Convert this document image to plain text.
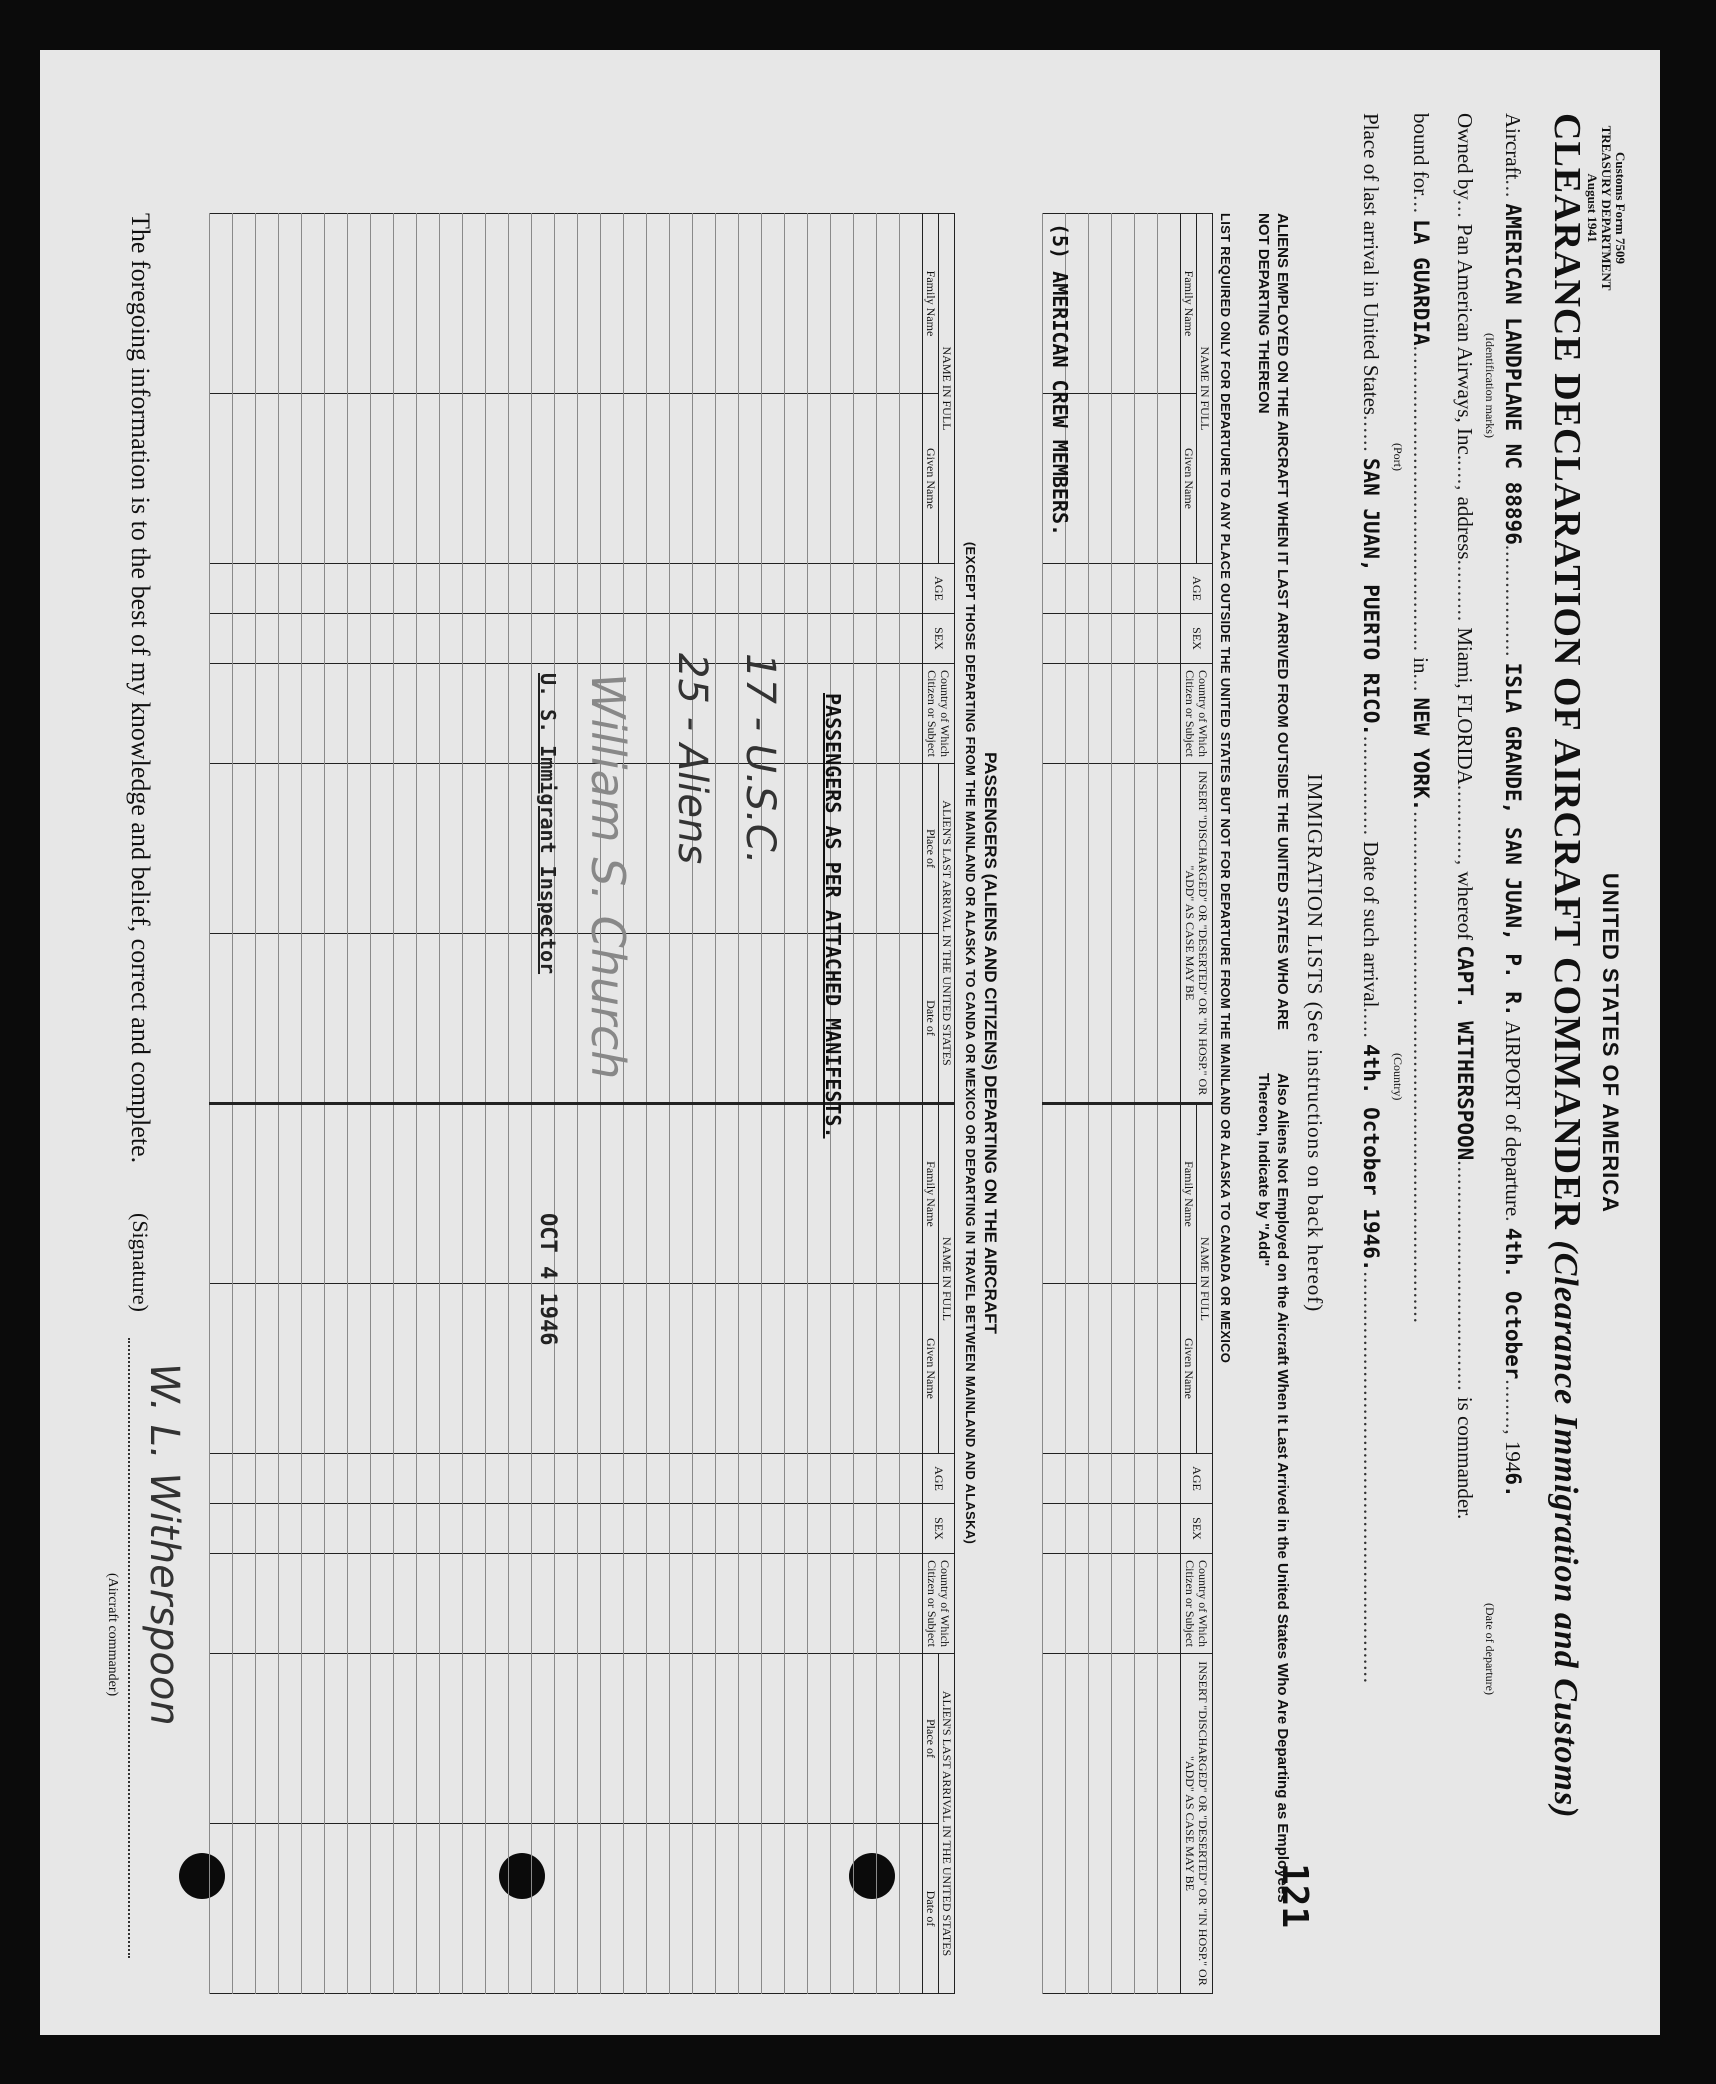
Customs Form 7509
TREASURY DEPARTMENT
August 1941
UNITED STATES OF AMERICA
CLEARANCE DECLARATION OF AIRCRAFT COMMANDER (Clearance Immigration and Customs)
121
Aircraft... AMERICAN LANDPLANE NC 88896.................. ISLA GRANDE, SAN JUAN, P. R. AIRPORT of departure. 4th. October........, 1946.
(Identification marks)
(Date of departure)
Owned by... Pan American Airways, Inc....., address.......... Miami, FLORIDA............, whereof CAPT. WITHERSPOON..................................... is commander.
bound for... LA GUARDIA................................................. in... NEW YORK...................................................................................
(Port)
(Country)
Place of last arrival in United States...... SAN JUAN, PUERTO RICO................. Date of such arrival..... 4th. October 1946...................................................................
IMMIGRATION LISTS (See instructions on back hereof)
ALIENS EMPLOYED ON THE AIRCRAFT WHEN IT LAST ARRIVED FROM OUTSIDE THE UNITED STATES WHO ARE NOT DEPARTING THEREON
Also Aliens Not Employed on the Aircraft When It Last Arrived in the United States Who Are Departing as Employees Thereon, Indicate by "Add"
LIST REQUIRED ONLY FOR DEPARTURE TO ANY PLACE OUTSIDE THE UNITED STATES BUT NOT FOR DEPARTURE FROM THE MAINLAND OR ALASKA TO CANADA OR MEXICO
NAME IN FULL		AGE	SEX	Country of Which Citizen or Subject	INSERT "DISCHARGED" OR "DESERTED" OR "IN HOSP." OR "ADD" AS CASE MAY BE	NAME IN FULL		AGE	SEX	Country of Which Citizen or Subject	INSERT "DISCHARGED" OR "DESERTED" OR "IN HOSP." OR "ADD" AS CASE MAY BE
Family Name	Given Name					Family Name	Given Name				

(5) AMERICAN CREW MEMBERS.
PASSENGERS (ALIENS AND CITIZENS) DEPARTING ON THE AIRCRAFT
(EXCEPT THOSE DEPARTING FROM THE MAINLAND OR ALASKA TO CANDA OR MEXICO OR DEPARTING IN TRAVEL BETWEEN MAINLAND AND ALASKA)
NAME IN FULL		AGE	SEX	Country of Which Citizen or Subject	ALIEN'S LAST ARRIVAL IN THE UNITED STATES		NAME IN FULL		AGE	SEX	Country of Which Citizen or Subject	ALIEN'S LAST ARRIVAL IN THE UNITED STATES	
Family Name	Given Name				Place of	Date of	Family Name	Given Name				Place of	Date of

PASSENGERS AS PER ATTACHED MANIFESTS.
17 - U.S.C.
25 - Aliens
William S. Church
U. S. Immigrant Inspector
OCT 4 1946
The foregoing information is to the best of my knowledge and belief, correct and complete.
(Signature)
W. L. Witherspoon
(Aircraft commander)
